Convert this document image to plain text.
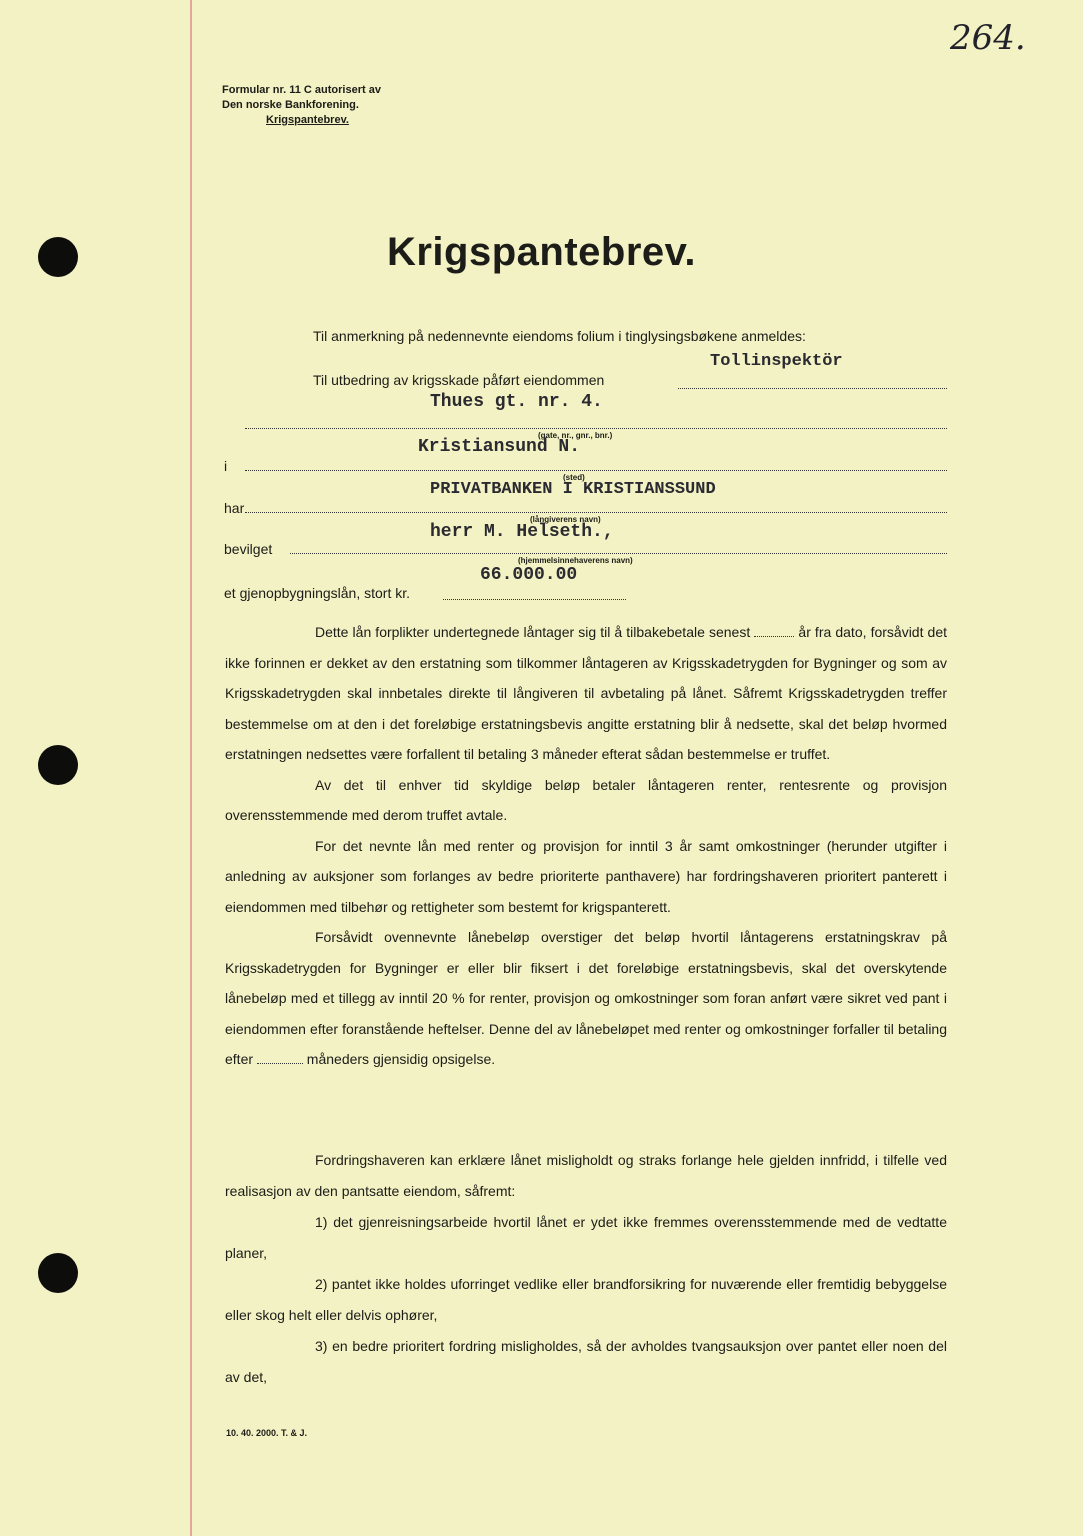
264.
Formular nr. 11 C autorisert av
Den norske Bankforening.
Krigspantebrev.
Krigspantebrev.
Til anmerkning på nedennevnte eiendoms folium i tinglysingsbøkene anmeldes:
Til utbedring av krigsskade påført eiendommen
Tollinspektör
Thues gt. nr. 4.
(gate, nr., gnr., bnr.)
i
Kristiansund N.
(sted)
har
PRIVATBANKEN I KRISTIANSSUND
(långiverens navn)
bevilget
herr M. Helseth.,
(hjemmelsinnehaverens navn)
et gjenopbygningslån, stort kr.
66.000.00

Dette lån forplikter undertegnede låntager sig til å tilbakebetale senest	år fra dato, forsåvidt det ikke forinnen er dekket av den erstatning som tilkommer låntageren av Krigsskadetrygden for Bygninger og som av Krigsskadetrygden skal innbetales direkte til långiveren til avbetaling på lånet. Såfremt Krigsskadetrygden treffer bestemmelse om at den i det foreløbige erstatningsbevis angitte erstatning blir å nedsette, skal det beløp hvormed erstatningen nedsettes være forfallent til betaling 3 måneder efterat sådan bestemmelse er truffet.

Av det til enhver tid skyldige beløp betaler låntageren renter, rentesrente og provisjon overensstemmende med derom truffet avtale.

For det nevnte lån med renter og provisjon for inntil 3 år samt omkostninger (herunder utgifter i anledning av auksjoner som forlanges av bedre prioriterte panthavere) har fordringshaveren prioritert panterett i eiendommen med tilbehør og rettigheter som bestemt for krigspanterett.

Forsåvidt ovennevnte lånebeløp overstiger det beløp hvortil låntagerens erstatningskrav på Krigsskadetrygden for Bygninger er eller blir fiksert i det foreløbige erstatningsbevis, skal det overskytende lånebeløp med et tillegg av inntil 20 % for renter, provisjon og omkostninger som foran anført være sikret ved pant i eiendommen efter foranstående heftelser. Denne del av lånebeløpet med renter og omkostninger forfaller til betaling efter	måneders gjensidig opsigelse.

Fordringshaveren kan erklære lånet misligholdt og straks forlange hele gjelden innfridd, i tilfelle ved realisasjon av den pantsatte eiendom, såfremt:

1) det gjenreisningsarbeide hvortil lånet er ydet ikke fremmes overensstemmende med de vedtatte planer,

2) pantet ikke holdes uforringet vedlike eller brandforsikring for nuværende eller fremtidig bebyggelse eller skog helt eller delvis ophører,

3) en bedre prioritert fordring misligholdes, så der avholdes tvangsauksjon over pantet eller noen del av det,

10. 40. 2000. T. & J.
